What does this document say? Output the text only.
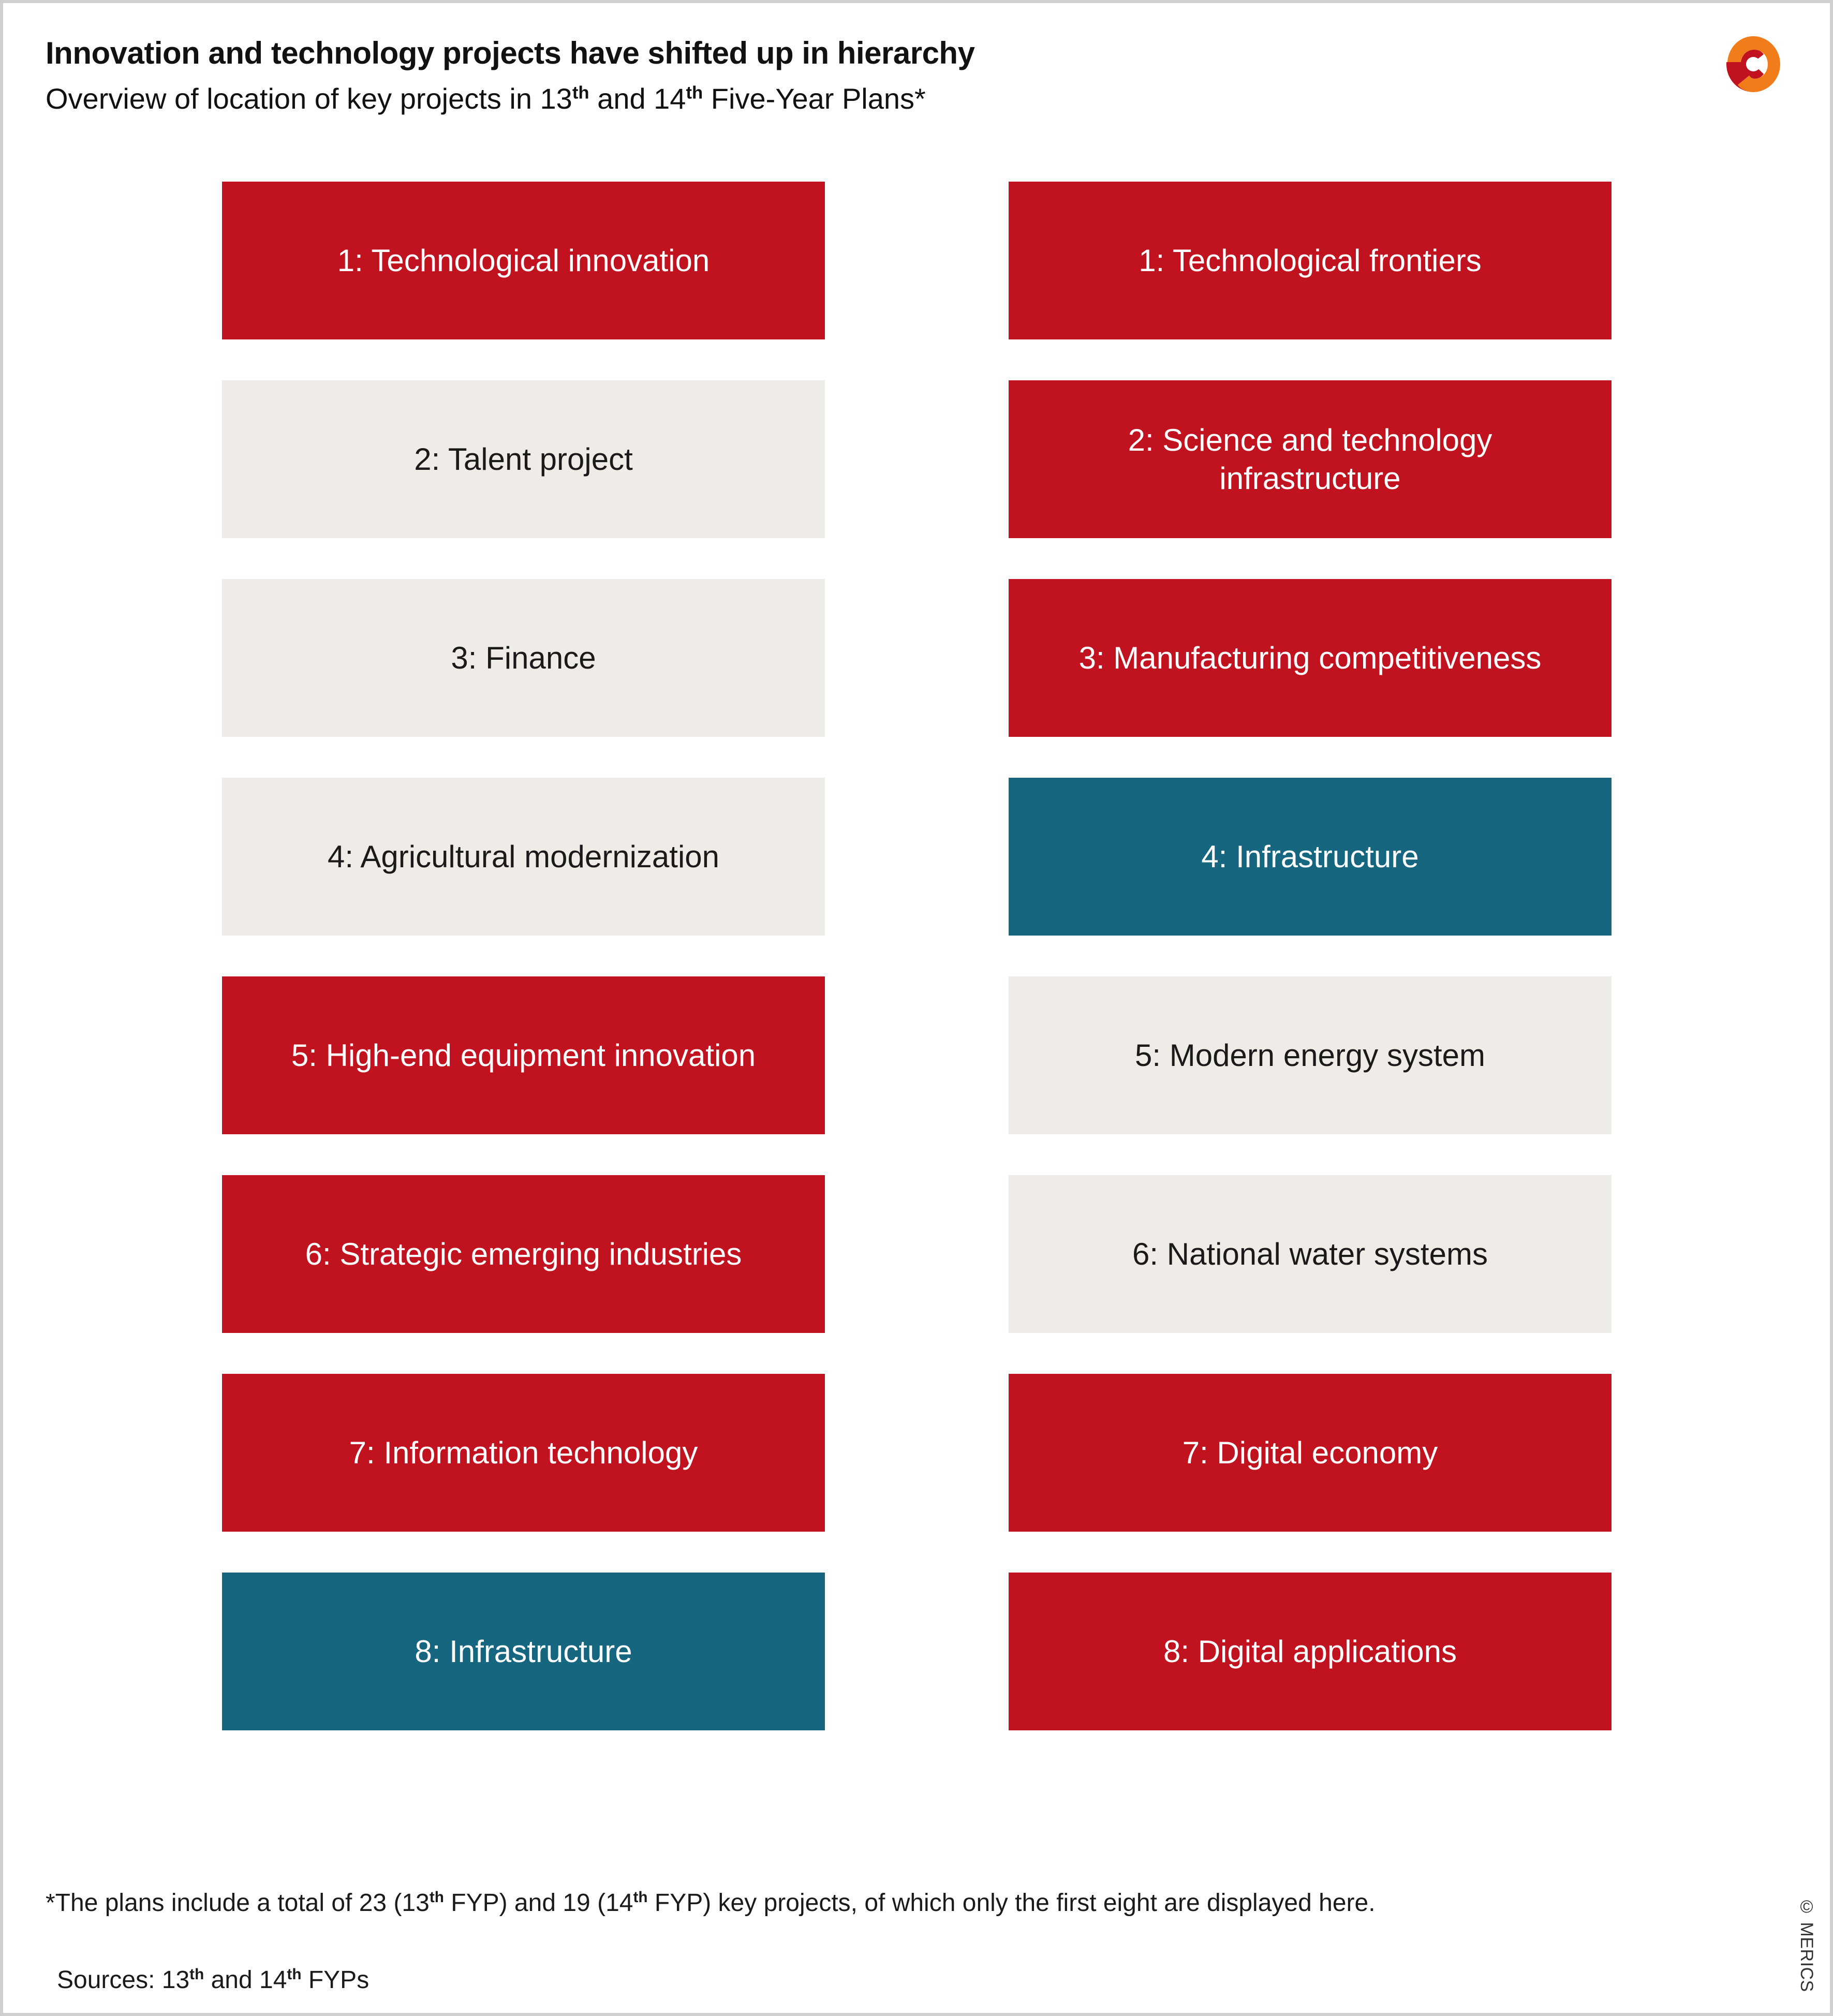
Innovation and technology projects have shifted up in hierarchy

Overview of location of key projects in 13th and 14th Five-Year Plans*

1: Technological innovation
2: Talent project
3: Finance
4: Agricultural modernization
5: High-end equipment innovation
6: Strategic emerging industries
7: Information technology
8: Infrastructure
1: Technological frontiers
2: Science and technology infrastructure
3: Manufacturing competitiveness
4: Infrastructure
5: Modern energy system
6: National water systems
7: Digital economy
8: Digital applications

*The plans include a total of 23 (13th FYP) and 19 (14th FYP) key projects, of which only the first eight are displayed here.

Sources: 13th and 14th FYPs	© MERICS
